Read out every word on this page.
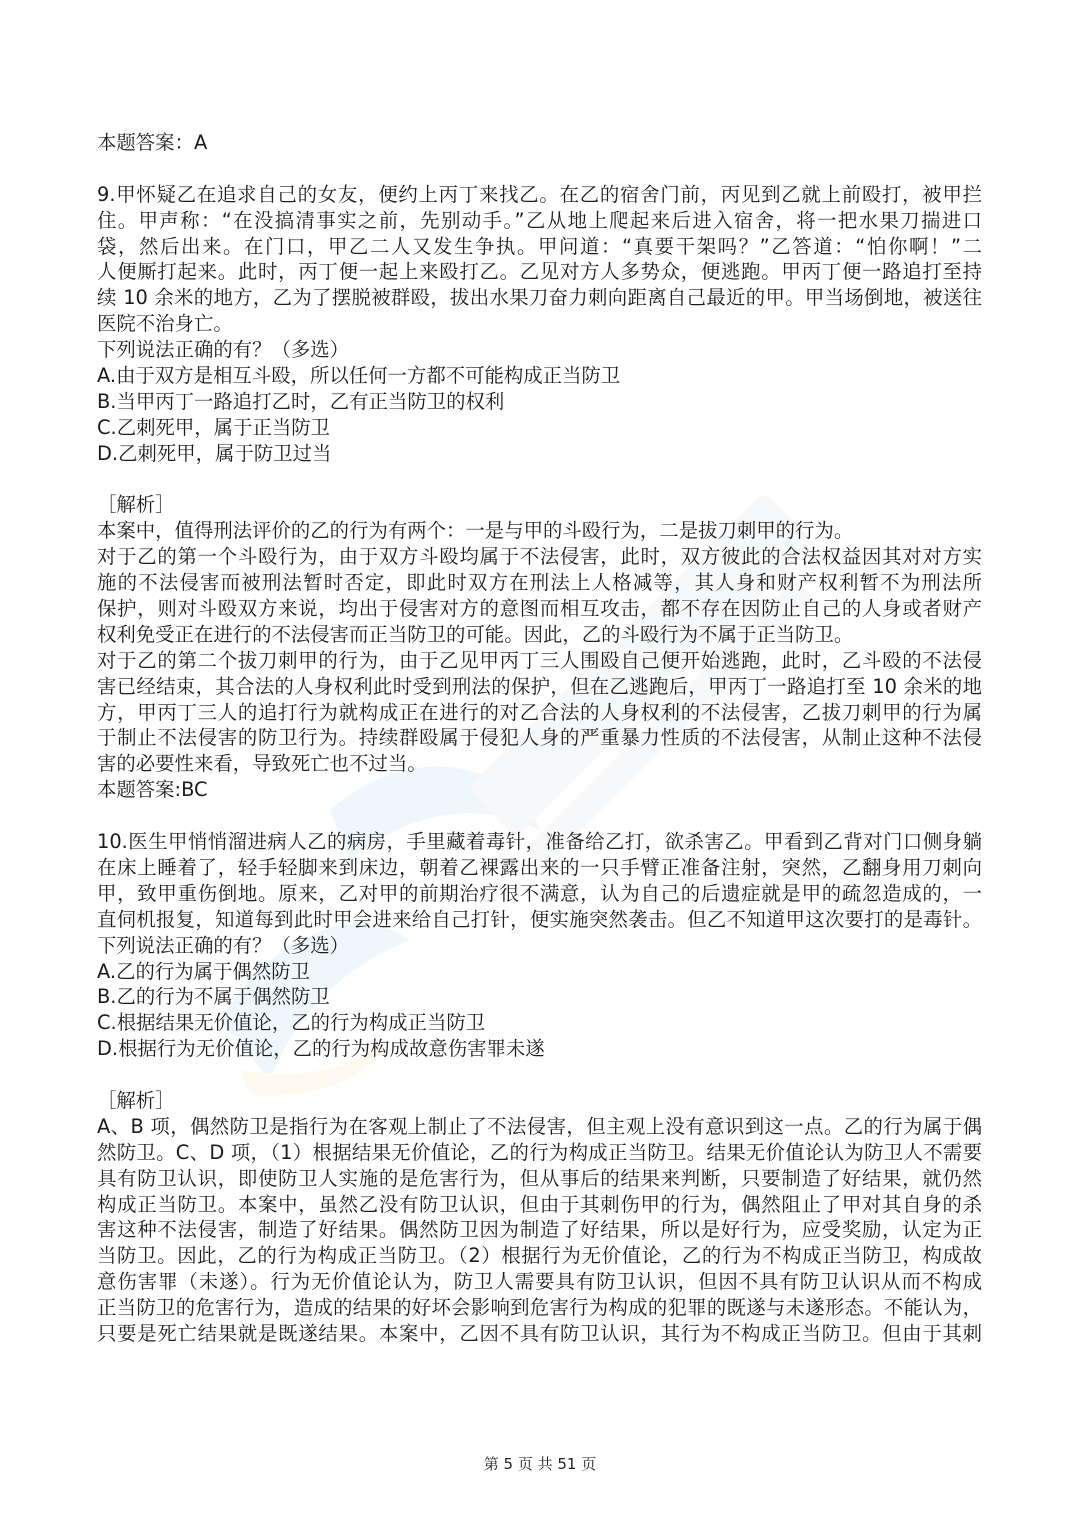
本题答案：A
9.甲怀疑乙在追求自己的女友，便约上丙丁来找乙。在乙的宿舍门前，丙见到乙就上前殴打，被甲拦
住。甲声称：“在没搞清事实之前，先别动手。”乙从地上爬起来后进入宿舍，将一把水果刀揣进口
袋，然后出来。在门口，甲乙二人又发生争执。甲问道：“真要干架吗？”乙答道：“怕你啊！”二
人便厮打起来。此时，丙丁便一起上来殴打乙。乙见对方人多势众，便逃跑。甲丙丁便一路追打至持
续 10 余米的地方，乙为了摆脱被群殴，拔出水果刀奋力刺向距离自己最近的甲。甲当场倒地，被送往
医院不治身亡。
下列说法正确的有？（多选）
A.由于双方是相互斗殴，所以任何一方都不可能构成正当防卫
B.当甲丙丁一路追打乙时，乙有正当防卫的权利
C.乙刺死甲，属于正当防卫
D.乙刺死甲，属于防卫过当
［解析］
本案中，值得刑法评价的乙的行为有两个：一是与甲的斗殴行为，二是拔刀刺甲的行为。
对于乙的第一个斗殴行为，由于双方斗殴均属于不法侵害，此时，双方彼此的合法权益因其对对方实
施的不法侵害而被刑法暂时否定，即此时双方在刑法上人格减等，其人身和财产权利暂不为刑法所
保护，则对斗殴双方来说，均出于侵害对方的意图而相互攻击，都不存在因防止自己的人身或者财产
权利免受正在进行的不法侵害而正当防卫的可能。因此，乙的斗殴行为不属于正当防卫。
对于乙的第二个拔刀刺甲的行为，由于乙见甲丙丁三人围殴自己便开始逃跑，此时，乙斗殴的不法侵
害已经结束，其合法的人身权利此时受到刑法的保护，但在乙逃跑后，甲丙丁一路追打至 10 余米的地
方，甲丙丁三人的追打行为就构成正在进行的对乙合法的人身权利的不法侵害，乙拔刀刺甲的行为属
于制止不法侵害的防卫行为。持续群殴属于侵犯人身的严重暴力性质的不法侵害，从制止这种不法侵
害的必要性来看，导致死亡也不过当。
本题答案:BC
10.医生甲悄悄溜进病人乙的病房，手里藏着毒针，准备给乙打，欲杀害乙。甲看到乙背对门口侧身躺
在床上睡着了，轻手轻脚来到床边，朝着乙裸露出来的一只手臂正准备注射，突然，乙翻身用刀刺向
甲，致甲重伤倒地。原来，乙对甲的前期治疗很不满意，认为自己的后遗症就是甲的疏忽造成的，一
直伺机报复，知道每到此时甲会进来给自己打针，便实施突然袭击。但乙不知道甲这次要打的是毒针。
下列说法正确的有？（多选）
A.乙的行为属于偶然防卫
B.乙的行为不属于偶然防卫
C.根据结果无价值论，乙的行为构成正当防卫
D.根据行为无价值论，乙的行为构成故意伤害罪未遂
［解析］
A、B 项，偶然防卫是指行为在客观上制止了不法侵害，但主观上没有意识到这一点。乙的行为属于偶
然防卫。C、D 项，（1）根据结果无价值论，乙的行为构成正当防卫。结果无价值论认为防卫人不需要
具有防卫认识，即使防卫人实施的是危害行为，但从事后的结果来判断，只要制造了好结果，就仍然
构成正当防卫。本案中，虽然乙没有防卫认识，但由于其刺伤甲的行为，偶然阻止了甲对其自身的杀
害这种不法侵害，制造了好结果。偶然防卫因为制造了好结果，所以是好行为，应受奖励，认定为正
当防卫。因此，乙的行为构成正当防卫。（2）根据行为无价值论，乙的行为不构成正当防卫，构成故
意伤害罪（未遂）。行为无价值论认为，防卫人需要具有防卫认识，但因不具有防卫认识从而不构成
正当防卫的危害行为，造成的结果的好坏会影响到危害行为构成的犯罪的既遂与未遂形态。不能认为，
只要是死亡结果就是既遂结果。本案中，乙因不具有防卫认识，其行为不构成正当防卫。但由于其刺
第 5 页 共 51 页
